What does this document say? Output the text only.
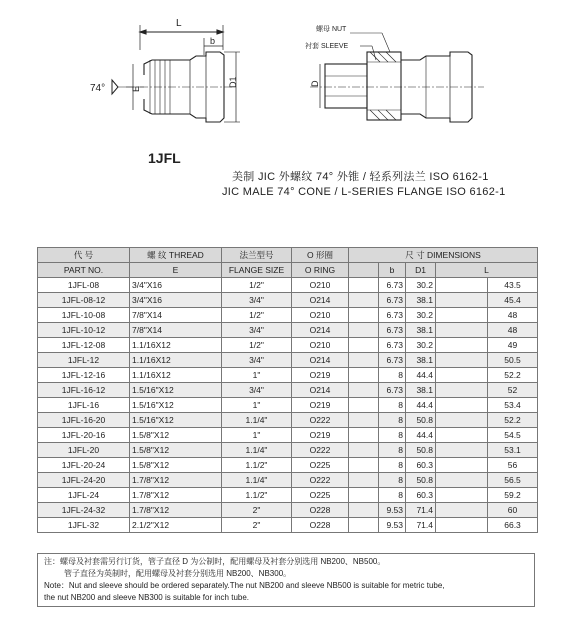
L
b
74°	E
D1	D
螺母 NUT
衬套 SLEEVE
1JFL
美制 JIC 外螺纹 74° 外锥 / 轻系列法兰 ISO 6162-1
JIC MALE 74° CONE / L-SERIES FLANGE ISO 6162-1
代 号	螺 纹 THREAD	法兰型号	O 形圈	尺 寸 DIMENSIONS				
PART NO.	E	FLANGE SIZE	O RING		b	D1	L	
1JFL-08	3/4"X16	1/2"	O210		6.73	30.2		43.5
1JFL-08-12	3/4"X16	3/4"	O214		6.73	38.1		45.4
1JFL-10-08	7/8"X14	1/2"	O210		6.73	30.2		48
1JFL-10-12	7/8"X14	3/4"	O214		6.73	38.1		48
1JFL-12-08	1.1/16X12	1/2"	O210		6.73	30.2		49
1JFL-12	1.1/16X12	3/4"	O214		6.73	38.1		50.5
1JFL-12-16	1.1/16X12	1"	O219		8	44.4		52.2
1JFL-16-12	1.5/16"X12	3/4"	O214		6.73	38.1		52
1JFL-16	1.5/16"X12	1"	O219		8	44.4		53.4
1JFL-16-20	1.5/16"X12	1.1/4"	O222		8	50.8		52.2
1JFL-20-16	1.5/8"X12	1"	O219		8	44.4		54.5
1JFL-20	1.5/8"X12	1.1/4"	O222		8	50.8		53.1
1JFL-20-24	1.5/8"X12	1.1/2"	O225		8	60.3		56
1JFL-24-20	1.7/8"X12	1.1/4"	O222		8	50.8		56.5
1JFL-24	1.7/8"X12	1.1/2"	O225		8	60.3		59.2
1JFL-24-32	1.7/8"X12	2"	O228		9.53	71.4		60
1JFL-32	2.1/2"X12	2"	O228		9.53	71.4		66.3
注：螺母及衬套需另行订货，管子直径 D 为公制时，配用螺母及衬套分别选用 NB200、NB500。
管子直径为英制时，配用螺母及衬套分别选用 NB200、NB300。
Note：Nut and sleeve should be ordered separately.The nut NB200 and sleeve NB500 is suitable for metric tube,
the nut NB200 and sleeve NB300 is suitable for inch tube.
